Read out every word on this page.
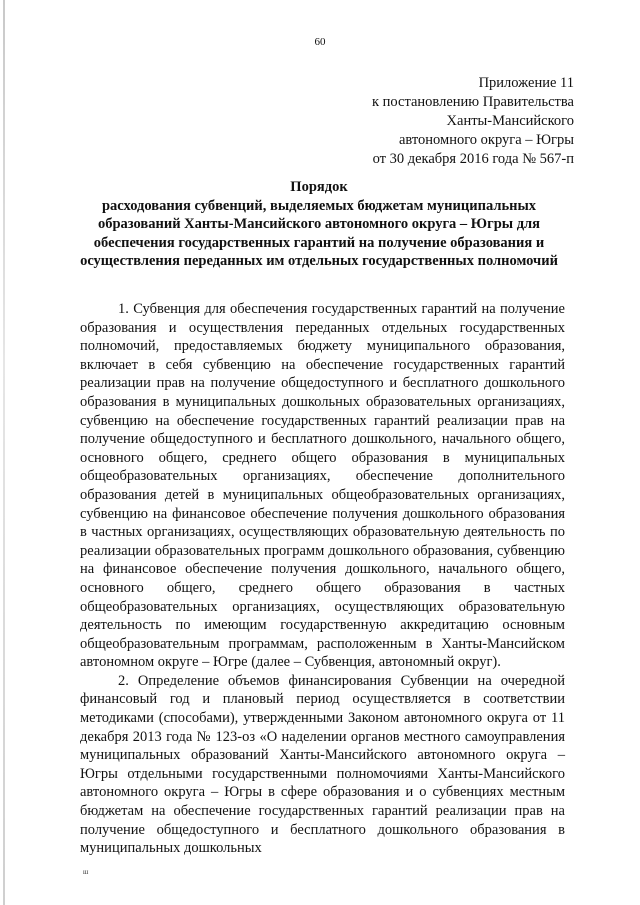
60
Приложение 11
к постановлению Правительства
Ханты-Мансийского
автономного округа – Югры
от 30 декабря 2016 года № 567-п
Порядок
расходования субвенций, выделяемых бюджетам муниципальных образований Ханты-Мансийского автономного округа – Югры для обеспечения государственных гарантий на получение образования и осуществления переданных им отдельных государственных полномочий

1. Субвенция для обеспечения государственных гарантий на получение образования и осуществления переданных отдельных государственных полномочий, предоставляемых бюджету муниципального образования, включает в себя субвенцию на обеспечение государственных гарантий реализации прав на получение общедоступного и бесплатного дошкольного образования в муниципальных дошкольных образовательных организациях, субвенцию на обеспечение государственных гарантий реализации прав на получение общедоступного и бесплатного дошкольного, начального общего, основного общего, среднего общего образования в муниципальных общеобразовательных организациях, обеспечение дополнительного образования детей в муниципальных общеобразовательных организациях, субвенцию на финансовое обеспечение получения дошкольного образования в частных организациях, осуществляющих образовательную деятельность по реализации образовательных программ дошкольного образования, субвенцию на финансовое обеспечение получения дошкольного, начального общего, основного общего, среднего общего образования в частных общеобразовательных организациях, осуществляющих образовательную деятельность по имеющим государственную аккредитацию основным общеобразовательным программам, расположенным в Ханты-Мансийском автономном округе – Югре (далее – Субвенция, автономный округ).

2. Определение объемов финансирования Субвенции на очередной финансовый год и плановый период осуществляется в соответствии методиками (способами), утвержденными Законом автономного округа от 11 декабря 2013 года № 123-оз «О наделении органов местного самоуправления муниципальных образований Ханты-Мансийского автономного округа – Югры отдельными государственными полномочиями Ханты-Мансийского автономного округа – Югры в сфере образования и о субвенциях местным бюджетам на обеспечение государственных гарантий реализации прав на получение общедоступного и бесплатного дошкольного образования в муниципальных дошкольных

ш
